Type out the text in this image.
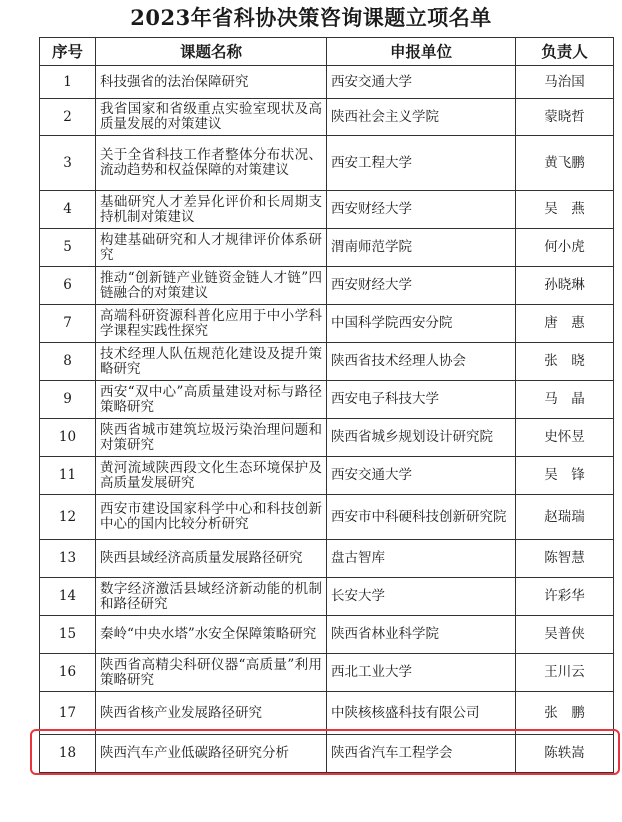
2023年省科协决策咨询课题立项名单
序号	课题名称	申报单位	负责人
1	科技强省的法治保障研究	西安交通大学	马治国
2	我省国家和省级重点实验室现状及高质量发展的对策建议	陕西社会主义学院	蒙晓哲
3	关于全省科技工作者整体分布状况、流动趋势和权益保障的对策建议	西安工程大学	黄飞鹏
4	基础研究人才差异化评价和长周期支持机制对策建议	西安财经大学	吴　燕
5	构建基础研究和人才规律评价体系研究	渭南师范学院	何小虎
6	推动“创新链产业链资金链人才链”四链融合的对策建议	西安财经大学	孙晓琳
7	高端科研资源科普化应用于中小学科学课程实践性探究	中国科学院西安分院	唐　惠
8	技术经理人队伍规范化建设及提升策略研究	陕西省技术经理人协会	张　晓
9	西安“双中心”高质量建设对标与路径策略研究	西安电子科技大学	马　晶
10	陕西省城市建筑垃圾污染治理问题和对策研究	陕西省城乡规划设计研究院	史怀昱
11	黄河流域陕西段文化生态环境保护及高质量发展研究	西安交通大学	吴　锋
12	西安市建设国家科学中心和科技创新中心的国内比较分析研究	西安市中科硬科技创新研究院	赵瑞瑞
13	陕西县域经济高质量发展路径研究	盘古智库	陈智慧
14	数字经济激活县域经济新动能的机制和路径研究	长安大学	许彩华
15	秦岭“中央水塔”水安全保障策略研究	陕西省林业科学院	吴普侠
16	陕西省高精尖科研仪器“高质量”利用策略研究	西北工业大学	王川云
17	陕西省核产业发展路径研究	中陕核核盛科技有限公司	张　鹏
18	陕西汽车产业低碳路径研究分析	陕西省汽车工程学会	陈轶嵩
